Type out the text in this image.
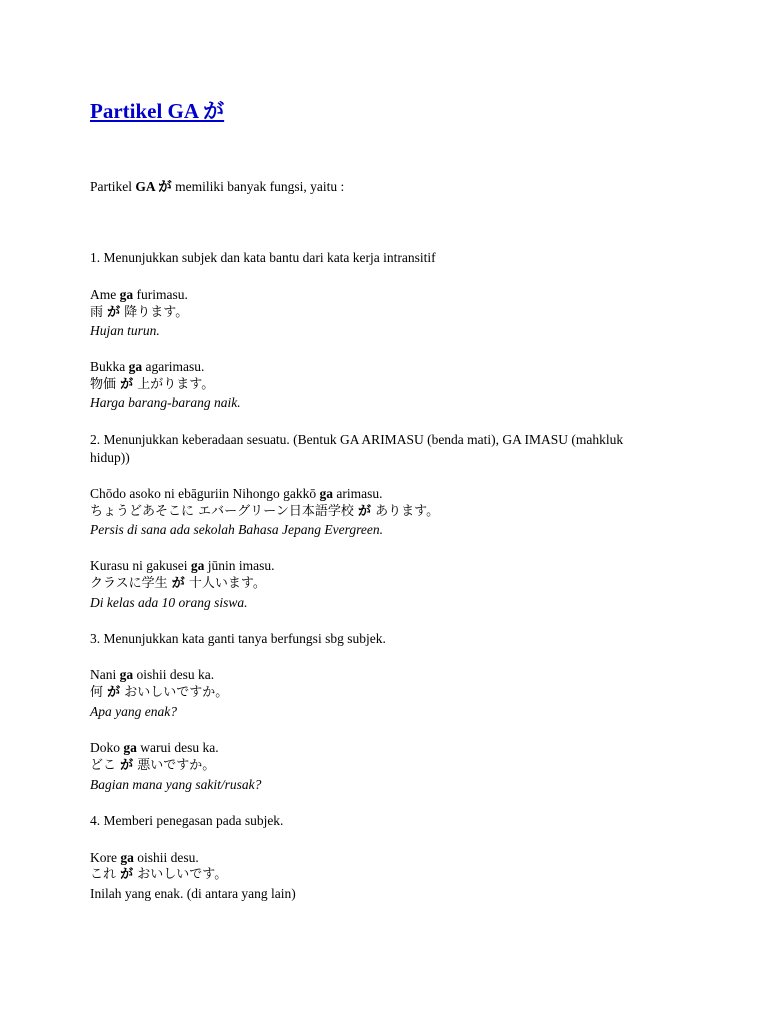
Partikel GA が
Partikel GA が memiliki banyak fungsi, yaitu :
1. Menunjukkan subjek dan kata bantu dari kata kerja intransitif
Ame ga furimasu.
雨 が 降ります。
Hujan turun.
Bukka ga agarimasu.
物価 が 上がります。
Harga barang-barang naik.
2. Menunjukkan keberadaan sesuatu. (Bentuk GA ARIMASU (benda mati), GA IMASU (mahkluk hidup))
Chōdo asoko ni ebāguriin Nihongo gakkō ga arimasu.
ちょうどあそこに エバーグリーン日本語学校 が あります。
Persis di sana ada sekolah Bahasa Jepang Evergreen.
Kurasu ni gakusei ga jūnin imasu.
クラスに学生 が 十人います。
Di kelas ada 10 orang siswa.
3. Menunjukkan kata ganti tanya berfungsi sbg subjek.
Nani ga oishii desu ka.
何 が おいしいですか。
Apa yang enak?
Doko ga warui desu ka.
どこ が 悪いですか。
Bagian mana yang sakit/rusak?
4. Memberi penegasan pada subjek.
Kore ga oishii desu.
これ が おいしいです。
Inilah yang enak. (di antara yang lain)
